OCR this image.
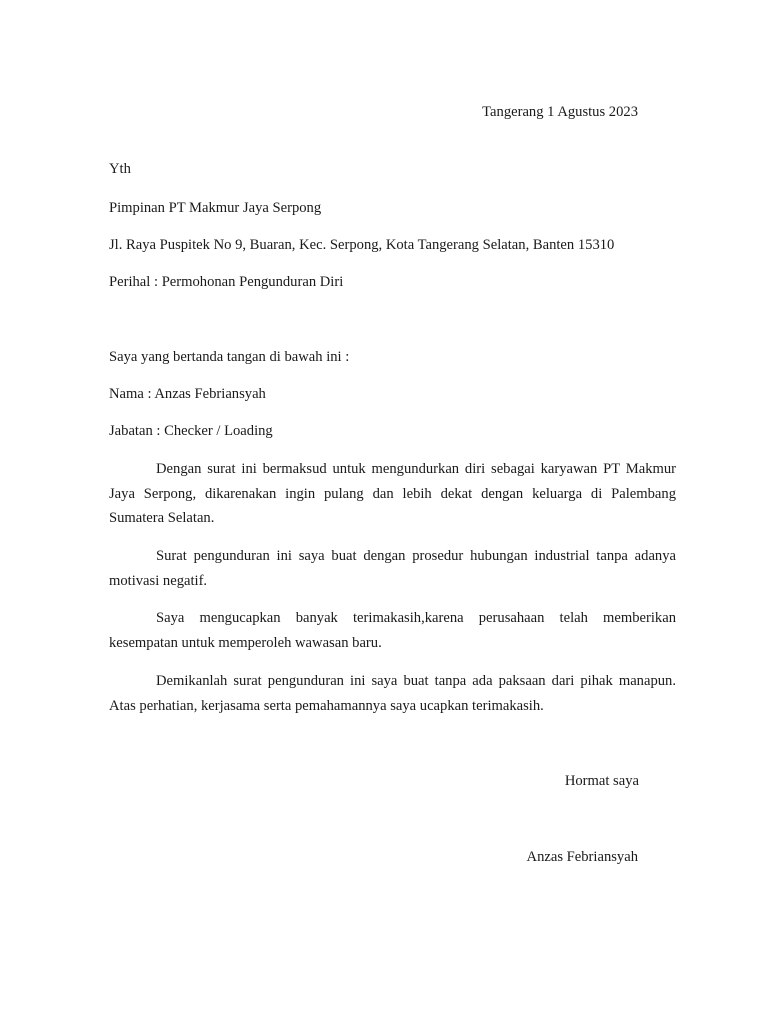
Tangerang 1 Agustus 2023
Yth
Pimpinan PT Makmur Jaya Serpong
Jl. Raya Puspitek No 9, Buaran, Kec. Serpong, Kota Tangerang Selatan, Banten 15310
Perihal : Permohonan Pengunduran Diri
Saya yang bertanda tangan di bawah ini :
Nama : Anzas Febriansyah
Jabatan : Checker / Loading

Dengan surat ini bermaksud untuk mengundurkan diri sebagai karyawan PT Makmur Jaya Serpong, dikarenakan ingin pulang dan lebih dekat dengan keluarga di Palembang Sumatera Selatan.

Surat pengunduran ini saya buat dengan prosedur hubungan industrial tanpa adanya motivasi negatif.

Saya mengucapkan banyak terimakasih,karena perusahaan telah memberikan kesempatan untuk memperoleh wawasan baru.

Demikanlah surat pengunduran ini saya buat tanpa ada paksaan dari pihak manapun. Atas perhatian, kerjasama serta pemahamannya saya ucapkan terimakasih.

Hormat saya
Anzas Febriansyah
